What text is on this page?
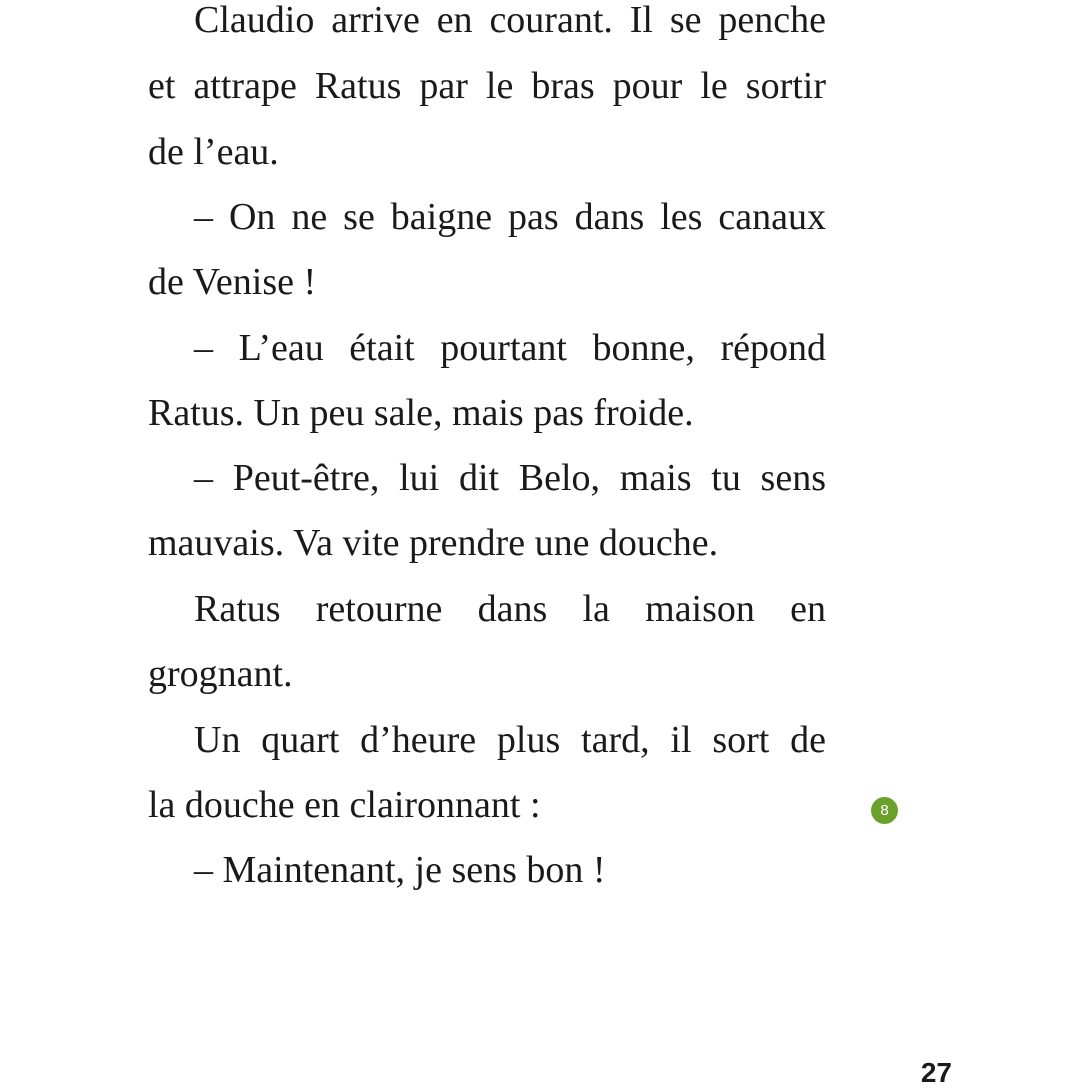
Claudio arrive en courant. Il se penche
et attrape Ratus par le bras pour le sortir
de l’eau.
– On ne se baigne pas dans les canaux
de Venise !
– L’eau était pourtant bonne, répond
Ratus. Un peu sale, mais pas froide.
– Peut-être, lui dit Belo, mais tu sens
mauvais. Va vite prendre une douche.
Ratus retourne dans la maison en
grognant.
Un quart d’heure plus tard, il sort de
la douche en claironnant :
– Maintenant, je sens bon !
8
27
